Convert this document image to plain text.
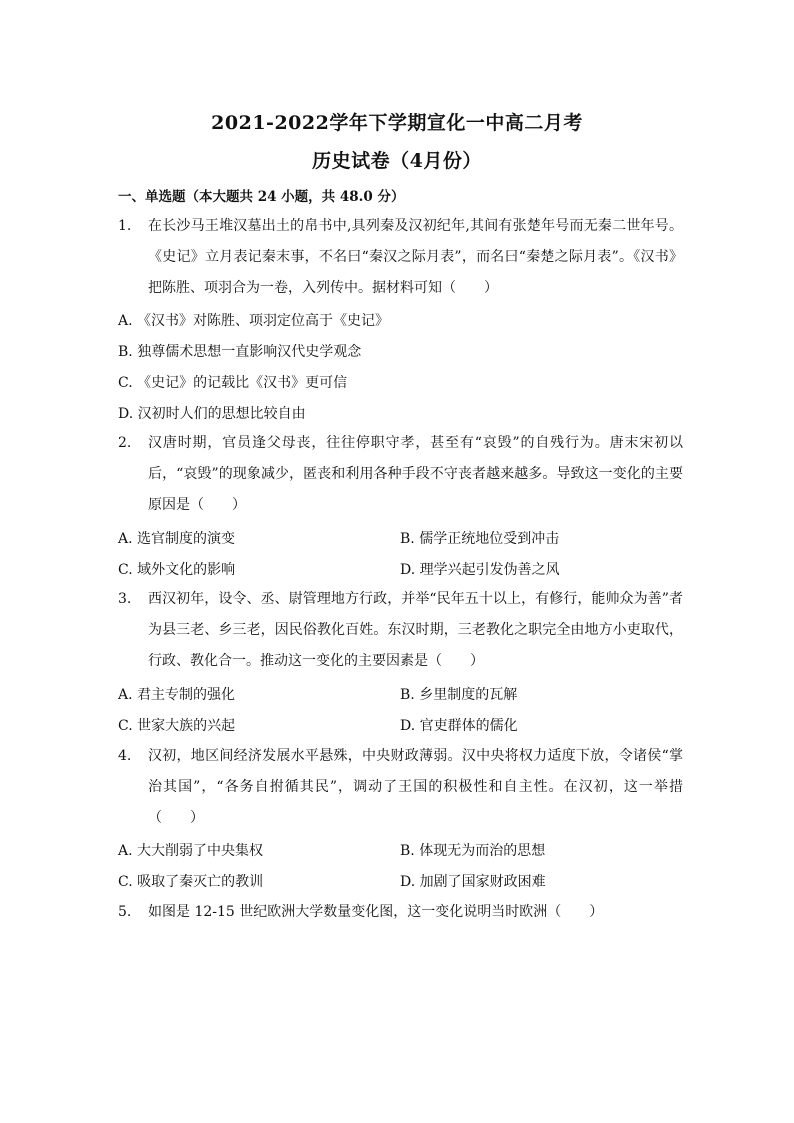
2021-2022学年下学期宣化一中高二月考
历史试卷（4月份）
一、单选题（本大题共 24 小题，共 48.0 分）
1.	在长沙马王堆汉墓出土的帛书中,具列秦及汉初纪年,其间有张楚年号而无秦二世年号。《史记》立月表记秦末事，不名曰“秦汉之际月表”，而名曰“秦楚之际月表”。《汉书》把陈胜、项羽合为一卷，入列传中。据材料可知（　　）
A. 《汉书》对陈胜、项羽定位高于《史记》
B. 独尊儒术思想一直影响汉代史学观念
C. 《史记》的记载比《汉书》更可信
D. 汉初时人们的思想比较自由
2.	汉唐时期，官员逢父母丧，往往停职守孝，甚至有“哀毁”的自残行为。唐末宋初以后，“哀毁”的现象减少，匿丧和利用各种手段不守丧者越来越多。导致这一变化的主要原因是（　　）
A. 选官制度的演变	B. 儒学正统地位受到冲击
C. 域外文化的影响	D. 理学兴起引发伪善之风
3.	西汉初年，设令、丞、尉管理地方行政，并举“民年五十以上，有修行，能帅众为善”者为县三老、乡三老，因民俗教化百姓。东汉时期，三老教化之职完全由地方小吏取代，行政、教化合一。推动这一变化的主要因素是（　　）
A. 君主专制的强化	B. 乡里制度的瓦解
C. 世家大族的兴起	D. 官吏群体的儒化
4.	汉初，地区间经济发展水平悬殊，中央财政薄弱。汉中央将权力适度下放，令诸侯“掌治其国”，“各务自拊循其民”，调动了王国的积极性和自主性。在汉初，这一举措（　　）
A. 大大削弱了中央集权	B. 体现无为而治的思想
C. 吸取了秦灭亡的教训	D. 加剧了国家财政困难
5.	如图是 12-15 世纪欧洲大学数量变化图，这一变化说明当时欧洲（　　）
